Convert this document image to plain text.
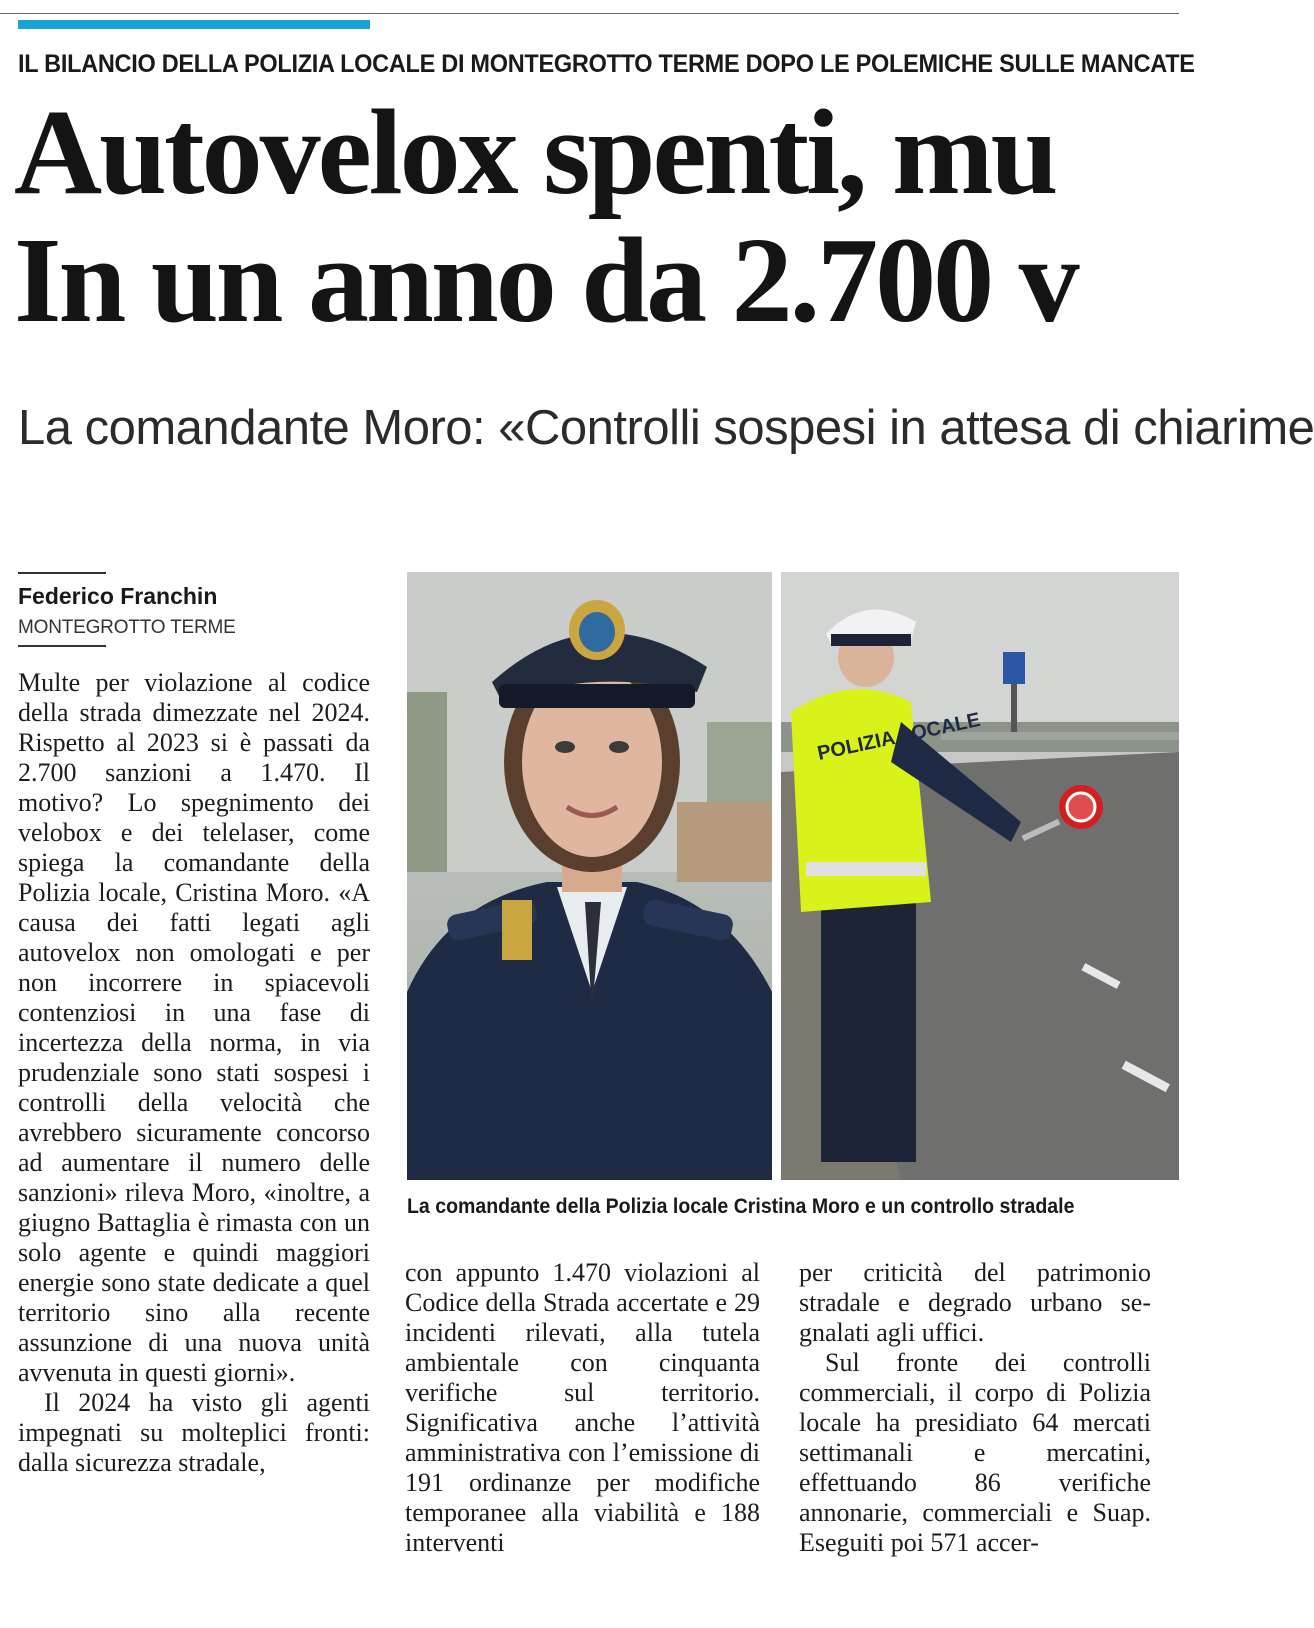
IL BILANCIO DELLA POLIZIA LOCALE DI MONTEGROTTO TERME DOPO LE POLEMICHE SULLE MANCATE
Autovelox spenti, mu
In un anno da 2.700 v
La comandante Moro: «Controlli sospesi in attesa di chiarime
Federico Franchin
MONTEGROTTO TERME

Multe per violazione al codice della strada dimezzate nel 2024. Rispetto al 2023 si è passati da 2.700 sanzioni a 1.470. Il motivo? Lo spegnimento dei velobox e dei telelaser, come spiega la comandante della Polizia locale, Cristina Moro. «A causa dei fatti legati agli autovelox non omologati e per non incorrere in spiacevoli contenziosi in una fase di incertezza della norma, in via prudenziale sono stati sospesi i controlli della velocità che avrebbero sicuramente concorso ad aumentare il numero delle sanzioni» rileva Moro, «inoltre, a giugno Battaglia è rimasta con un solo agente e quindi maggiori energie sono state dedicate a quel territorio sino alla recente assunzione di una nuova unità avvenuta in questi giorni».

Il 2024 ha visto gli agenti impegnati su molteplici fronti: dalla sicurezza stradale,

POLIZIA LOCALE
La comandante della Polizia locale Cristina Moro e un controllo stradale

con appunto 1.470 violazioni al Codice della Strada accertate e 29 incidenti rilevati, alla tutela ambientale con cinquanta verifiche sul territorio. Significativa anche l’attività amministrativa con l’emissione di 191 ordinanze per modifiche temporanee alla viabilità e 188 interventi

per criticità del patrimonio stradale e degrado urbano segnalati agli uffici.

Sul fronte dei controlli commerciali, il corpo di Polizia locale ha presidiato 64 mercati settimanali e mercatini, effettuando 86 verifiche annonarie, commerciali e Suap. Eseguiti poi 571 accer-
